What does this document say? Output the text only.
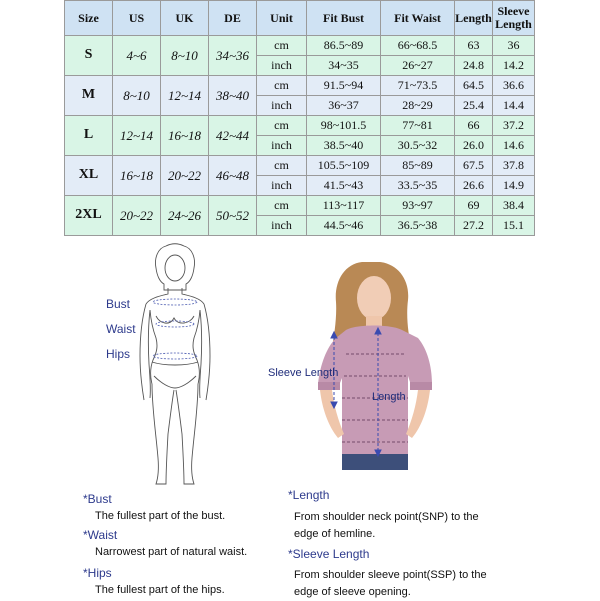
Size	US	UK	DE	Unit	Fit Bust	Fit Waist	Length	Sleeve Length
S	4~6	8~10	34~36	cm	86.5~89	66~68.5	63	36
				inch	34~35	26~27	24.8	14.2
M	8~10	12~14	38~40	cm	91.5~94	71~73.5	64.5	36.6
				inch	36~37	28~29	25.4	14.4
L	12~14	16~18	42~44	cm	98~101.5	77~81	66	37.2
				inch	38.5~40	30.5~32	26.0	14.6
XL	16~18	20~22	46~48	cm	105.5~109	85~89	67.5	37.8
				inch	41.5~43	33.5~35	26.6	14.9
2XL	20~22	24~26	50~52	cm	113~117	93~97	69	38.4
				inch	44.5~46	36.5~38	27.2	15.1
Bust
Waist
Hips
Sleeve Length
Length
*Bust
The fullest part of the bust.
*Waist
Narrowest part of natural waist.
*Hips
The fullest part of the hips.
*Length
From shoulder neck point(SNP) to the
edge of hemline.
*Sleeve Length
From shoulder sleeve point(SSP) to the
edge of sleeve opening.
